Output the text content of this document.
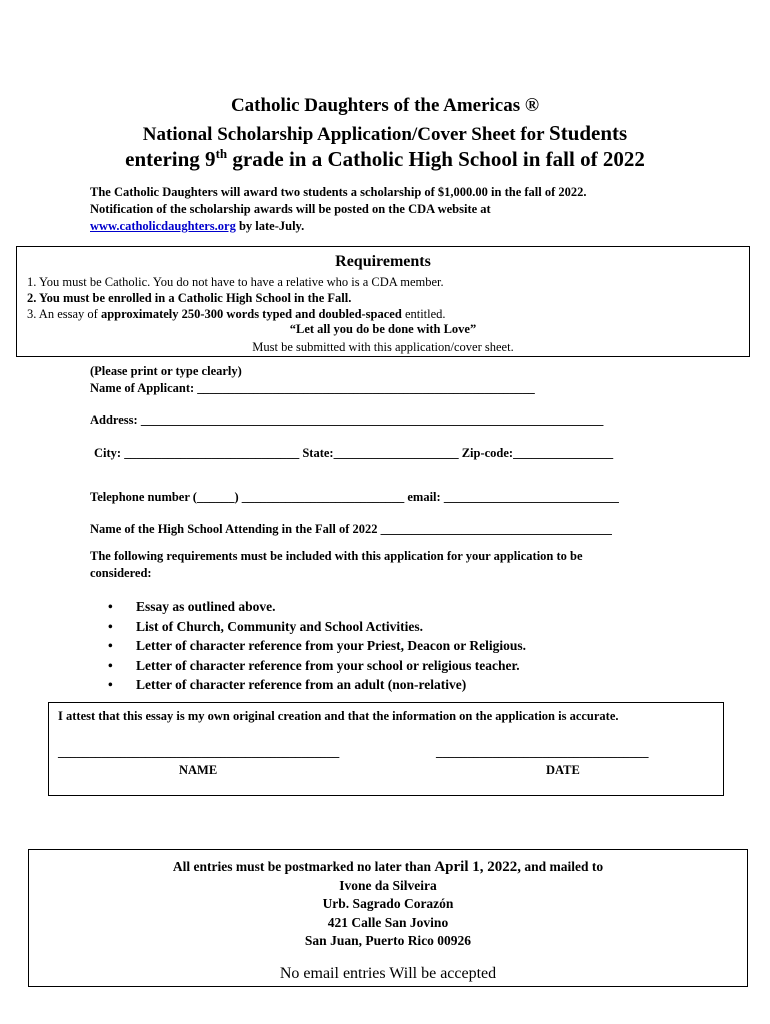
Catholic Daughters of the Americas ®
National Scholarship Application/Cover Sheet for Students
entering 9th grade in a Catholic High School in fall of 2022
The Catholic Daughters will award two students a scholarship of $1,000.00 in the fall of 2022.
Notification of the scholarship awards will be posted on the CDA website at
www.catholicdaughters.org by late-July.
Requirements
1. You must be Catholic. You do not have to have a relative who is a CDA member.
2. You must be enrolled in a Catholic High School in the Fall.
3. An essay of approximately 250-300 words typed and doubled-spaced entitled.
“Let all you do be done with Love”
Must be submitted with this application/cover sheet.
(Please print or type clearly)
Name of Applicant: ______________________________________________________
Address: __________________________________________________________________________
City: ____________________________ State:____________________ Zip-code:________________
Telephone number (______) __________________________ email: ____________________________
Name of the High School Attending in the Fall of 2022 _____________________________________
The following requirements must be included with this application for your application to be
considered:
• Essay as outlined above.
• List of Church, Community and School Activities.
• Letter of character reference from your Priest, Deacon or Religious.
• Letter of character reference from your school or religious teacher.
• Letter of character reference from an adult (non-relative)
I attest that this essay is my own original creation and that the information on the application is accurate.
_____________________________________________	__________________________________
NAME	DATE
All entries must be postmarked no later than April 1, 2022, and mailed to
Ivone da Silveira
Urb. Sagrado Corazón
421 Calle San Jovino
San Juan, Puerto Rico 00926
No email entries Will be accepted
